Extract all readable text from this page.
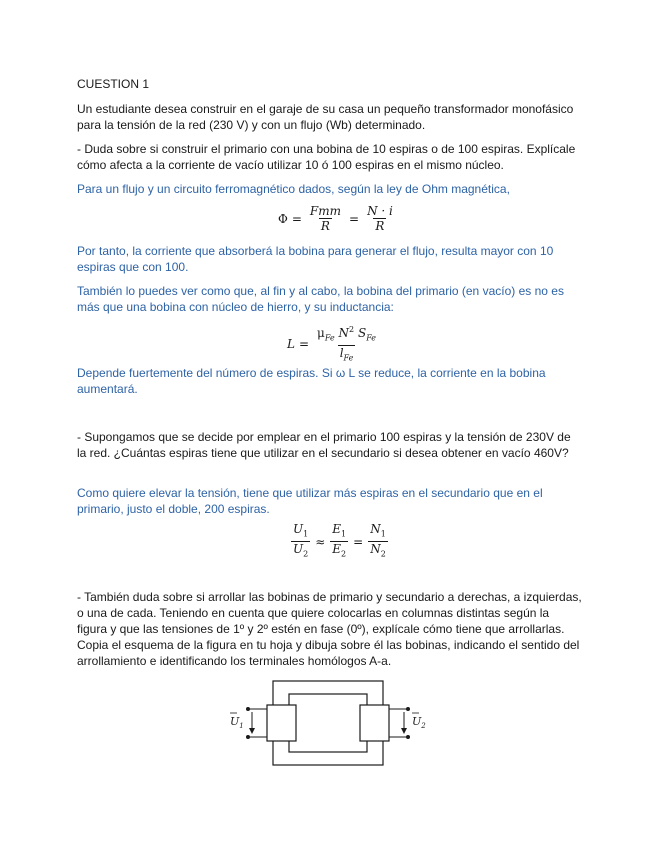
CUESTION 1

Un estudiante desea construir en el garaje de su casa un pequeño transformador monofásico para la tensión de la red (230 V) y con un flujo (Wb) determinado.

- Duda sobre si construir el primario con una bobina de 10 espiras o de 100 espiras. Explícale cómo afecta a la corriente de vacío utilizar 10 ó 100 espiras en el mismo núcleo.

Para un flujo y un circuito ferromagnético dados, según la ley de Ohm magnética,

$\Phi = \frac{\text{Fmm}}{R} = \frac{N \cdot i}{R}$

Por tanto, la corriente que absorberá la bobina para generar el flujo, resulta mayor con 10 espiras que con 100.

También lo puedes ver como que, al fin y al cabo, la bobina del primario (en vacío) es no es más que una bobina con núcleo de hierro, y su inductancia:

$L = \frac{\mu_{Fe} N^2 S_{Fe}}{l_{Fe}}$

Depende fuertemente del número de espiras. Si ω L se reduce, la corriente en la bobina aumentará.

- Supongamos que se decide por emplear en el primario 100 espiras y la tensión de 230V de la red. ¿Cuántas espiras tiene que utilizar en el secundario si desea obtener en vacío 460V?

Como quiere elevar la tensión, tiene que utilizar más espiras en el secundario que en el primario, justo el doble, 200 espiras.

$\frac{U_1}{U_2} \approx \frac{E_1}{E_2} = \frac{N_1}{N_2}$

- También duda sobre si arrollar las bobinas de primario y secundario a derechas, a izquierdas, o una de cada. Teniendo en cuenta que quiere colocarlas en columnas distintas según la figura y que las tensiones de 1º y 2º estén en fase (0º), explícale cómo tiene que arrollarlas. Copia el esquema de la figura en tu hoja y dibuja sobre él las bobinas, indicando el sentido del arrollamiento e identificando los terminales homólogos A-a.

$U_1$	$U_2$
